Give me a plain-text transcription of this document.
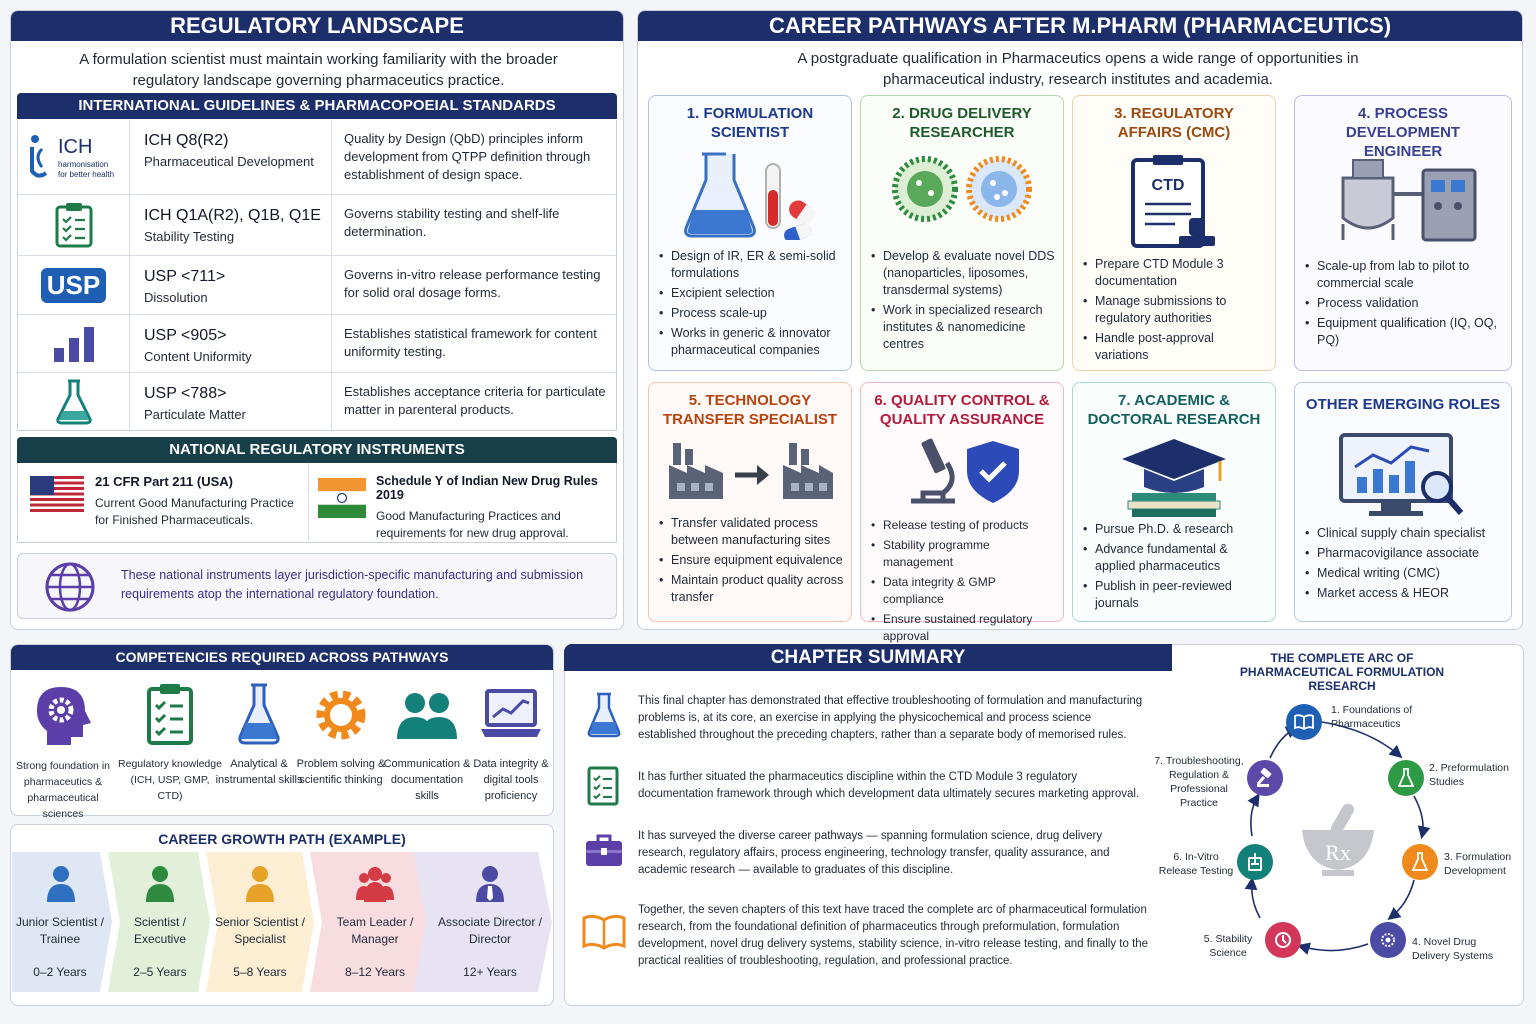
REGULATORY LANDSCAPE
A formulation scientist must maintain working familiarity with the broader regulatory landscape governing pharmaceutics practice.
INTERNATIONAL GUIDELINES & PHARMACOPOEIAL STANDARDS
ICH
harmonisation
for better health
ICH Q8(R2)
Pharmaceutical Development
Quality by Design (QbD) principles inform development from QTPP definition through establishment of design space.
ICH Q1A(R2), Q1B, Q1E
Stability Testing
Governs stability testing and shelf-life determination.
USP	USP <711>
Dissolution
Governs in-vitro release performance testing for solid oral dosage forms.
USP <905>
Content Uniformity
Establishes statistical framework for content uniformity testing.
USP <788>
Particulate Matter
Establishes acceptance criteria for particulate matter in parenteral products.
NATIONAL REGULATORY INSTRUMENTS
21 CFR Part 211 (USA)
Current Good Manufacturing Practice for Finished Pharmaceuticals.
Schedule Y of Indian New Drug Rules 2019
Good Manufacturing Practices and requirements for new drug approval.
These national instruments layer jurisdiction-specific manufacturing and submission requirements atop the international regulatory foundation.
CAREER PATHWAYS AFTER M.PHARM (PHARMACEUTICS)
A postgraduate qualification in Pharmaceutics opens a wide range of opportunities in pharmaceutical industry, research institutes and academia.
1. FORMULATION SCIENTIST
• Design of IR, ER & semi-solid formulations
• Excipient selection
• Process scale-up
• Works in generic & innovator pharmaceutical companies
2. DRUG DELIVERY RESEARCHER
• Develop & evaluate novel DDS (nanoparticles, liposomes, transdermal systems)
• Work in specialized research institutes & nanomedicine centres
3. REGULATORY AFFAIRS (CMC)
CTD
• Prepare CTD Module 3 documentation
• Manage submissions to regulatory authorities
• Handle post-approval variations
4. PROCESS DEVELOPMENT ENGINEER
• Scale-up from lab to pilot to commercial scale
• Process validation
• Equipment qualification (IQ, OQ, PQ)
5. TECHNOLOGY TRANSFER SPECIALIST
• Transfer validated process between manufacturing sites
• Ensure equipment equivalence
• Maintain product quality across transfer
6. QUALITY CONTROL & QUALITY ASSURANCE
• Release testing of products
• Stability programme management
• Data integrity & GMP compliance
• Ensure sustained regulatory approval
7. ACADEMIC & DOCTORAL RESEARCH
• Pursue Ph.D. & research
• Advance fundamental & applied pharmaceutics
• Publish in peer-reviewed journals
OTHER EMERGING ROLES
• Clinical supply chain specialist
• Pharmacovigilance associate
• Medical writing (CMC)
• Market access & HEOR
COMPETENCIES REQUIRED ACROSS PATHWAYS
Strong foundation in pharmaceutics & pharmaceutical sciences
Regulatory knowledge (ICH, USP, GMP, CTD)
Analytical & instrumental skills
Problem solving & scientific thinking
Communication & documentation skills
Data integrity & digital tools proficiency
CAREER GROWTH PATH (EXAMPLE)
Junior Scientist / Trainee
0–2 Years
Scientist / Executive
2–5 Years
Senior Scientist / Specialist
5–8 Years
Team Leader / Manager
8–12 Years
Associate Director / Director
12+ Years
CHAPTER SUMMARY
This final chapter has demonstrated that effective troubleshooting of formulation and manufacturing problems is, at its core, an exercise in applying the physicochemical and process science established throughout the preceding chapters, rather than a separate body of memorised rules.
It has further situated the pharmaceutics discipline within the CTD Module 3 regulatory documentation framework through which development data ultimately secures marketing approval.
It has surveyed the diverse career pathways — spanning formulation science, drug delivery research, regulatory affairs, process engineering, technology transfer, quality assurance, and academic research — available to graduates of this discipline.
Together, the seven chapters of this text have traced the complete arc of pharmaceutical formulation research, from the foundational definition of pharmaceutics through preformulation, formulation development, novel drug delivery systems, stability science, in-vitro release testing, and finally to the practical realities of troubleshooting, regulation, and professional practice.
THE COMPLETE ARC OF PHARMACEUTICAL FORMULATION RESEARCH
Rx
1. Foundations of Pharmaceutics
2. Preformulation Studies
3. Formulation Development
4. Novel Drug Delivery Systems
5. Stability Science
6. In-Vitro Release Testing
7. Troubleshooting, Regulation & Professional Practice
